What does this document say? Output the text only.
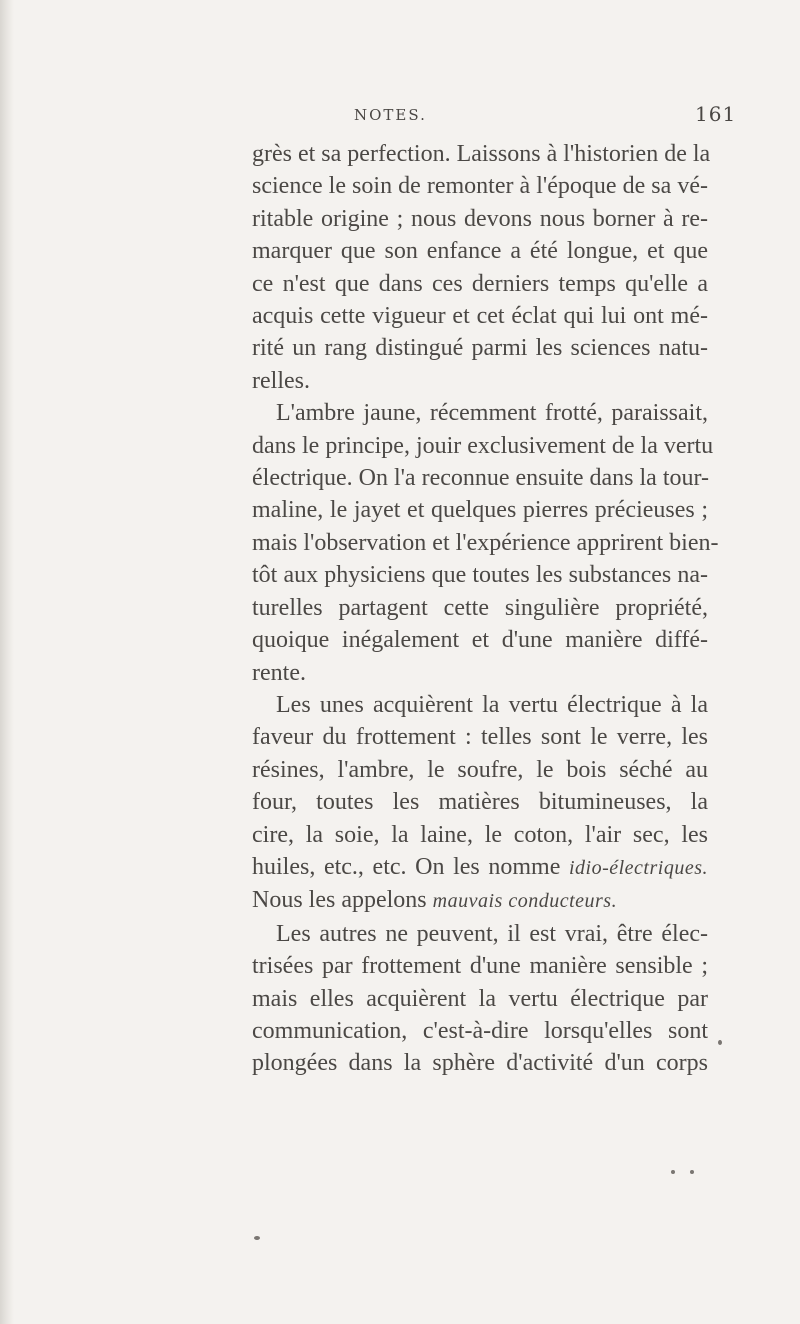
NOTES.	161

grès et sa perfection. Laissons à l'historien de la
science le soin de remonter à l'époque de sa vé-
ritable origine ; nous devons nous borner à re-
marquer que son enfance a été longue, et que
ce n'est que dans ces derniers temps qu'elle a
acquis cette vigueur et cet éclat qui lui ont mé-
rité un rang distingué parmi les sciences natu-
relles.

L'ambre jaune, récemment frotté, paraissait,
dans le principe, jouir exclusivement de la vertu
électrique. On l'a reconnue ensuite dans la tour-
maline, le jayet et quelques pierres précieuses ;
mais l'observation et l'expérience apprirent bien-
tôt aux physiciens que toutes les substances na-
turelles partagent cette singulière propriété,
quoique inégalement et d'une manière diffé-
rente.

Les unes acquièrent la vertu électrique à la
faveur du frottement : telles sont le verre, les
résines, l'ambre, le soufre, le bois séché au
four, toutes les matières bitumineuses, la
cire, la soie, la laine, le coton, l'air sec, les
huiles, etc., etc. On les nomme idio-électriques.
Nous les appelons mauvais conducteurs.

Les autres ne peuvent, il est vrai, être élec-
trisées par frottement d'une manière sensible ;
mais elles acquièrent la vertu électrique par
communication, c'est-à-dire lorsqu'elles sont
plongées dans la sphère d'activité d'un corps
